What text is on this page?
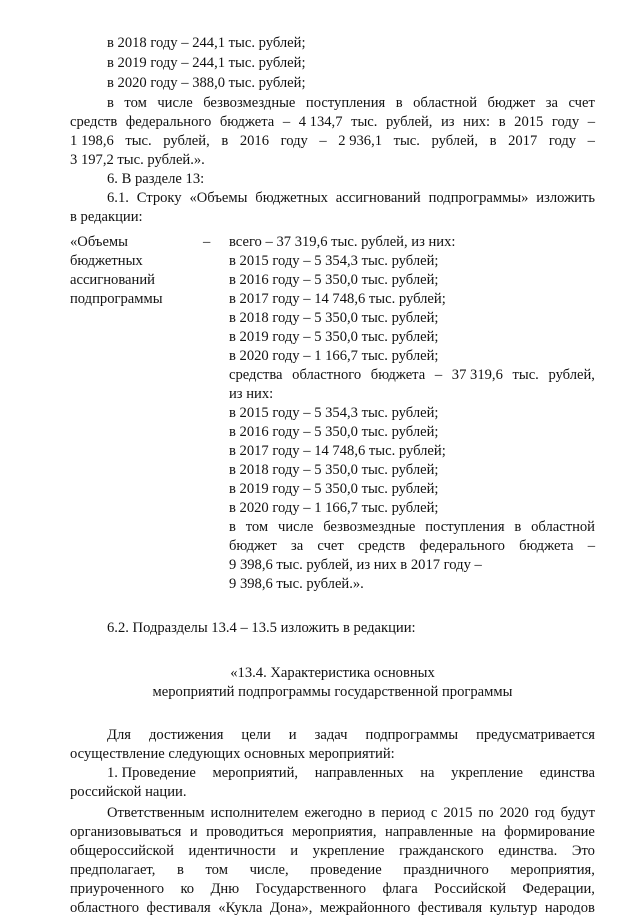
в 2018 году – 244,1 тыс. рублей;
в 2019 году – 244,1 тыс. рублей;
в 2020 году – 388,0 тыс. рублей;
в том числе безвозмездные поступления в областной бюджет за счет
средств федерального бюджета – 4 134,7 тыс. рублей, из них: в 2015 году –
1 198,6 тыс. рублей, в 2016 году – 2 936,1 тыс. рублей, в 2017 году –
3 197,2 тыс. рублей.».
6. В разделе 13:
6.1. Строку «Объемы бюджетных ассигнований подпрограммы» изложить
в редакции:
«Объемы
бюджетных
ассигнований
подпрограммы
– всего – 37 319,6 тыс. рублей, из них:
в 2015 году – 5 354,3 тыс. рублей;
в 2016 году – 5 350,0 тыс. рублей;
в 2017 году – 14 748,6 тыс. рублей;
в 2018 году – 5 350,0 тыс. рублей;
в 2019 году – 5 350,0 тыс. рублей;
в 2020 году – 1 166,7 тыс. рублей;
средства областного бюджета – 37 319,6 тыс. рублей,
из них:
в 2015 году – 5 354,3 тыс. рублей;
в 2016 году – 5 350,0 тыс. рублей;
в 2017 году – 14 748,6 тыс. рублей;
в 2018 году – 5 350,0 тыс. рублей;
в 2019 году – 5 350,0 тыс. рублей;
в 2020 году – 1 166,7 тыс. рублей;
в том числе безвозмездные поступления в областной
бюджет за счет средств федерального бюджета –
9 398,6 тыс. рублей, из них в 2017 году –
9 398,6 тыс. рублей.».
6.2. Подразделы 13.4 – 13.5 изложить в редакции:
«13.4. Характеристика основных
мероприятий подпрограммы государственной программы
Для достижения цели и задач подпрограммы предусматривается
осуществление следующих основных мероприятий:
1. Проведение мероприятий, направленных на укрепление единства
российской нации.
Ответственным исполнителем ежегодно в период с 2015 по 2020 год будут
организовываться и проводиться мероприятия, направленные на формирование
общероссийской идентичности и укрепление гражданского единства. Это
предполагает, в том числе, проведение праздничного мероприятия,
приуроченного ко Дню Государственного флага Российской Федерации,
областного фестиваля «Кукла Дона», межрайонного фестиваля культур народов
